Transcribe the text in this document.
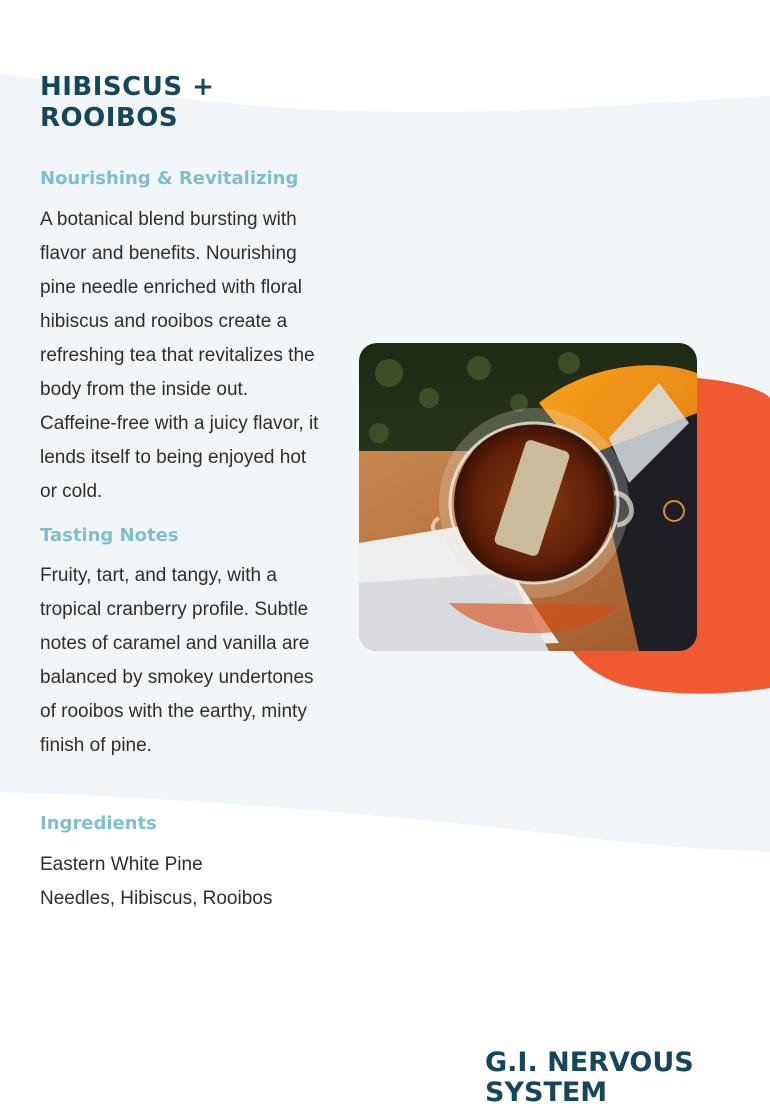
HIBISCUS +
ROOIBOS
Nourishing & Revitalizing

A botanical blend bursting with flavor and benefits. Nourishing pine needle enriched with floral hibiscus and rooibos create a refreshing tea that revitalizes the body from the inside out. Caffeine-free with a juicy flavor, it lends itself to being enjoyed hot or cold.

Tasting Notes

Fruity, tart, and tangy, with a tropical cranberry profile. Subtle notes of caramel and vanilla are balanced by smokey undertones of rooibos with the earthy, minty finish of pine.

Ingredients

Eastern White Pine Needles, Hibiscus, Rooibos

G.I. NERVOUS
SYSTEM
